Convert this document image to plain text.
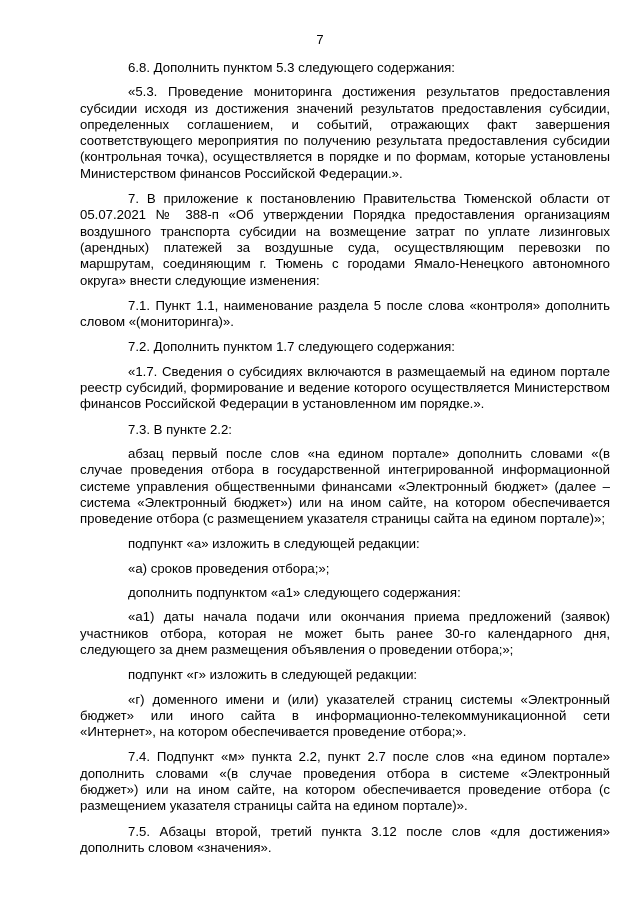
7

6.8. Дополнить пунктом 5.3 следующего содержания:

«5.3. Проведение мониторинга достижения результатов предоставления субсидии исходя из достижения значений результатов предоставления субсидии, определенных соглашением, и событий, отражающих факт завершения соответствующего мероприятия по получению результата предоставления субсидии (контрольная точка), осуществляется в порядке и по формам, которые установлены Министерством финансов Российской Федерации.».

7. В приложение к постановлению Правительства Тюменской области от 05.07.2021 № 388-п «Об утверждении Порядка предоставления организациям воздушного транспорта субсидии на возмещение затрат по уплате лизинговых (арендных) платежей за воздушные суда, осуществляющим перевозки по маршрутам, соединяющим г. Тюмень с городами Ямало-Ненецкого автономного округа» внести следующие изменения:

7.1. Пункт 1.1, наименование раздела 5 после слова «контроля» дополнить словом «(мониторинга)».

7.2. Дополнить пунктом 1.7 следующего содержания:

«1.7. Сведения о субсидиях включаются в размещаемый на едином портале реестр субсидий, формирование и ведение которого осуществляется Министерством финансов Российской Федерации в установленном им порядке.».

7.3. В пункте 2.2:

абзац первый после слов «на едином портале» дополнить словами «(в случае проведения отбора в государственной интегрированной информационной системе управления общественными финансами «Электронный бюджет» (далее – система «Электронный бюджет») или на ином сайте, на котором обеспечивается проведение отбора (с размещением указателя страницы сайта на едином портале)»;

подпункт «а» изложить в следующей редакции:

«а) сроков проведения отбора;»;

дополнить подпунктом «а1» следующего содержания:

«а1) даты начала подачи или окончания приема предложений (заявок) участников отбора, которая не может быть ранее 30-го календарного дня, следующего за днем размещения объявления о проведении отбора;»;

подпункт «г» изложить в следующей редакции:

«г) доменного имени и (или) указателей страниц системы «Электронный бюджет» или иного сайта в информационно-телекоммуникационной сети «Интернет», на котором обеспечивается проведение отбора;».

7.4. Подпункт «м» пункта 2.2, пункт 2.7 после слов «на едином портале» дополнить словами «(в случае проведения отбора в системе «Электронный бюджет») или на ином сайте, на котором обеспечивается проведение отбора (с размещением указателя страницы сайта на едином портале)».

7.5. Абзацы второй, третий пункта 3.12 после слов «для достижения» дополнить словом «значения».
